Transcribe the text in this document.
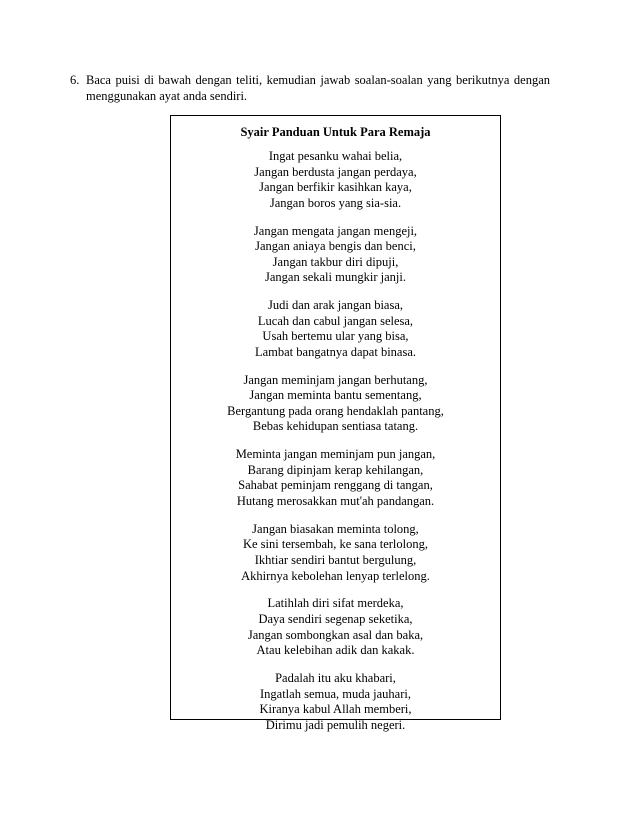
6. Baca puisi di bawah dengan teliti, kemudian jawab soalan-soalan yang berikutnya dengan
menggunakan ayat anda sendiri.
Syair Panduan Untuk Para Remaja
Ingat pesanku wahai belia,
Jangan berdusta jangan perdaya,
Jangan berfikir kasihkan kaya,
Jangan boros yang sia-sia.
Jangan mengata jangan mengeji,
Jangan aniaya bengis dan benci,
Jangan takbur diri dipuji,
Jangan sekali mungkir janji.
Judi dan arak jangan biasa,
Lucah dan cabul jangan selesa,
Usah bertemu ular yang bisa,
Lambat bangatnya dapat binasa.
Jangan meminjam jangan berhutang,
Jangan meminta bantu sementang,
Bergantung pada orang hendaklah pantang,
Bebas kehidupan sentiasa tatang.
Meminta jangan meminjam pun jangan,
Barang dipinjam kerap kehilangan,
Sahabat peminjam renggang di tangan,
Hutang merosakkan mut'ah pandangan.
Jangan biasakan meminta tolong,
Ke sini tersembah, ke sana terlolong,
Ikhtiar sendiri bantut bergulung,
Akhirnya kebolehan lenyap terlelong.
Latihlah diri sifat merdeka,
Daya sendiri segenap seketika,
Jangan sombongkan asal dan baka,
Atau kelebihan adik dan kakak.
Padalah itu aku khabari,
Ingatlah semua, muda jauhari,
Kiranya kabul Allah memberi,
Dirimu jadi pemulih negeri.
